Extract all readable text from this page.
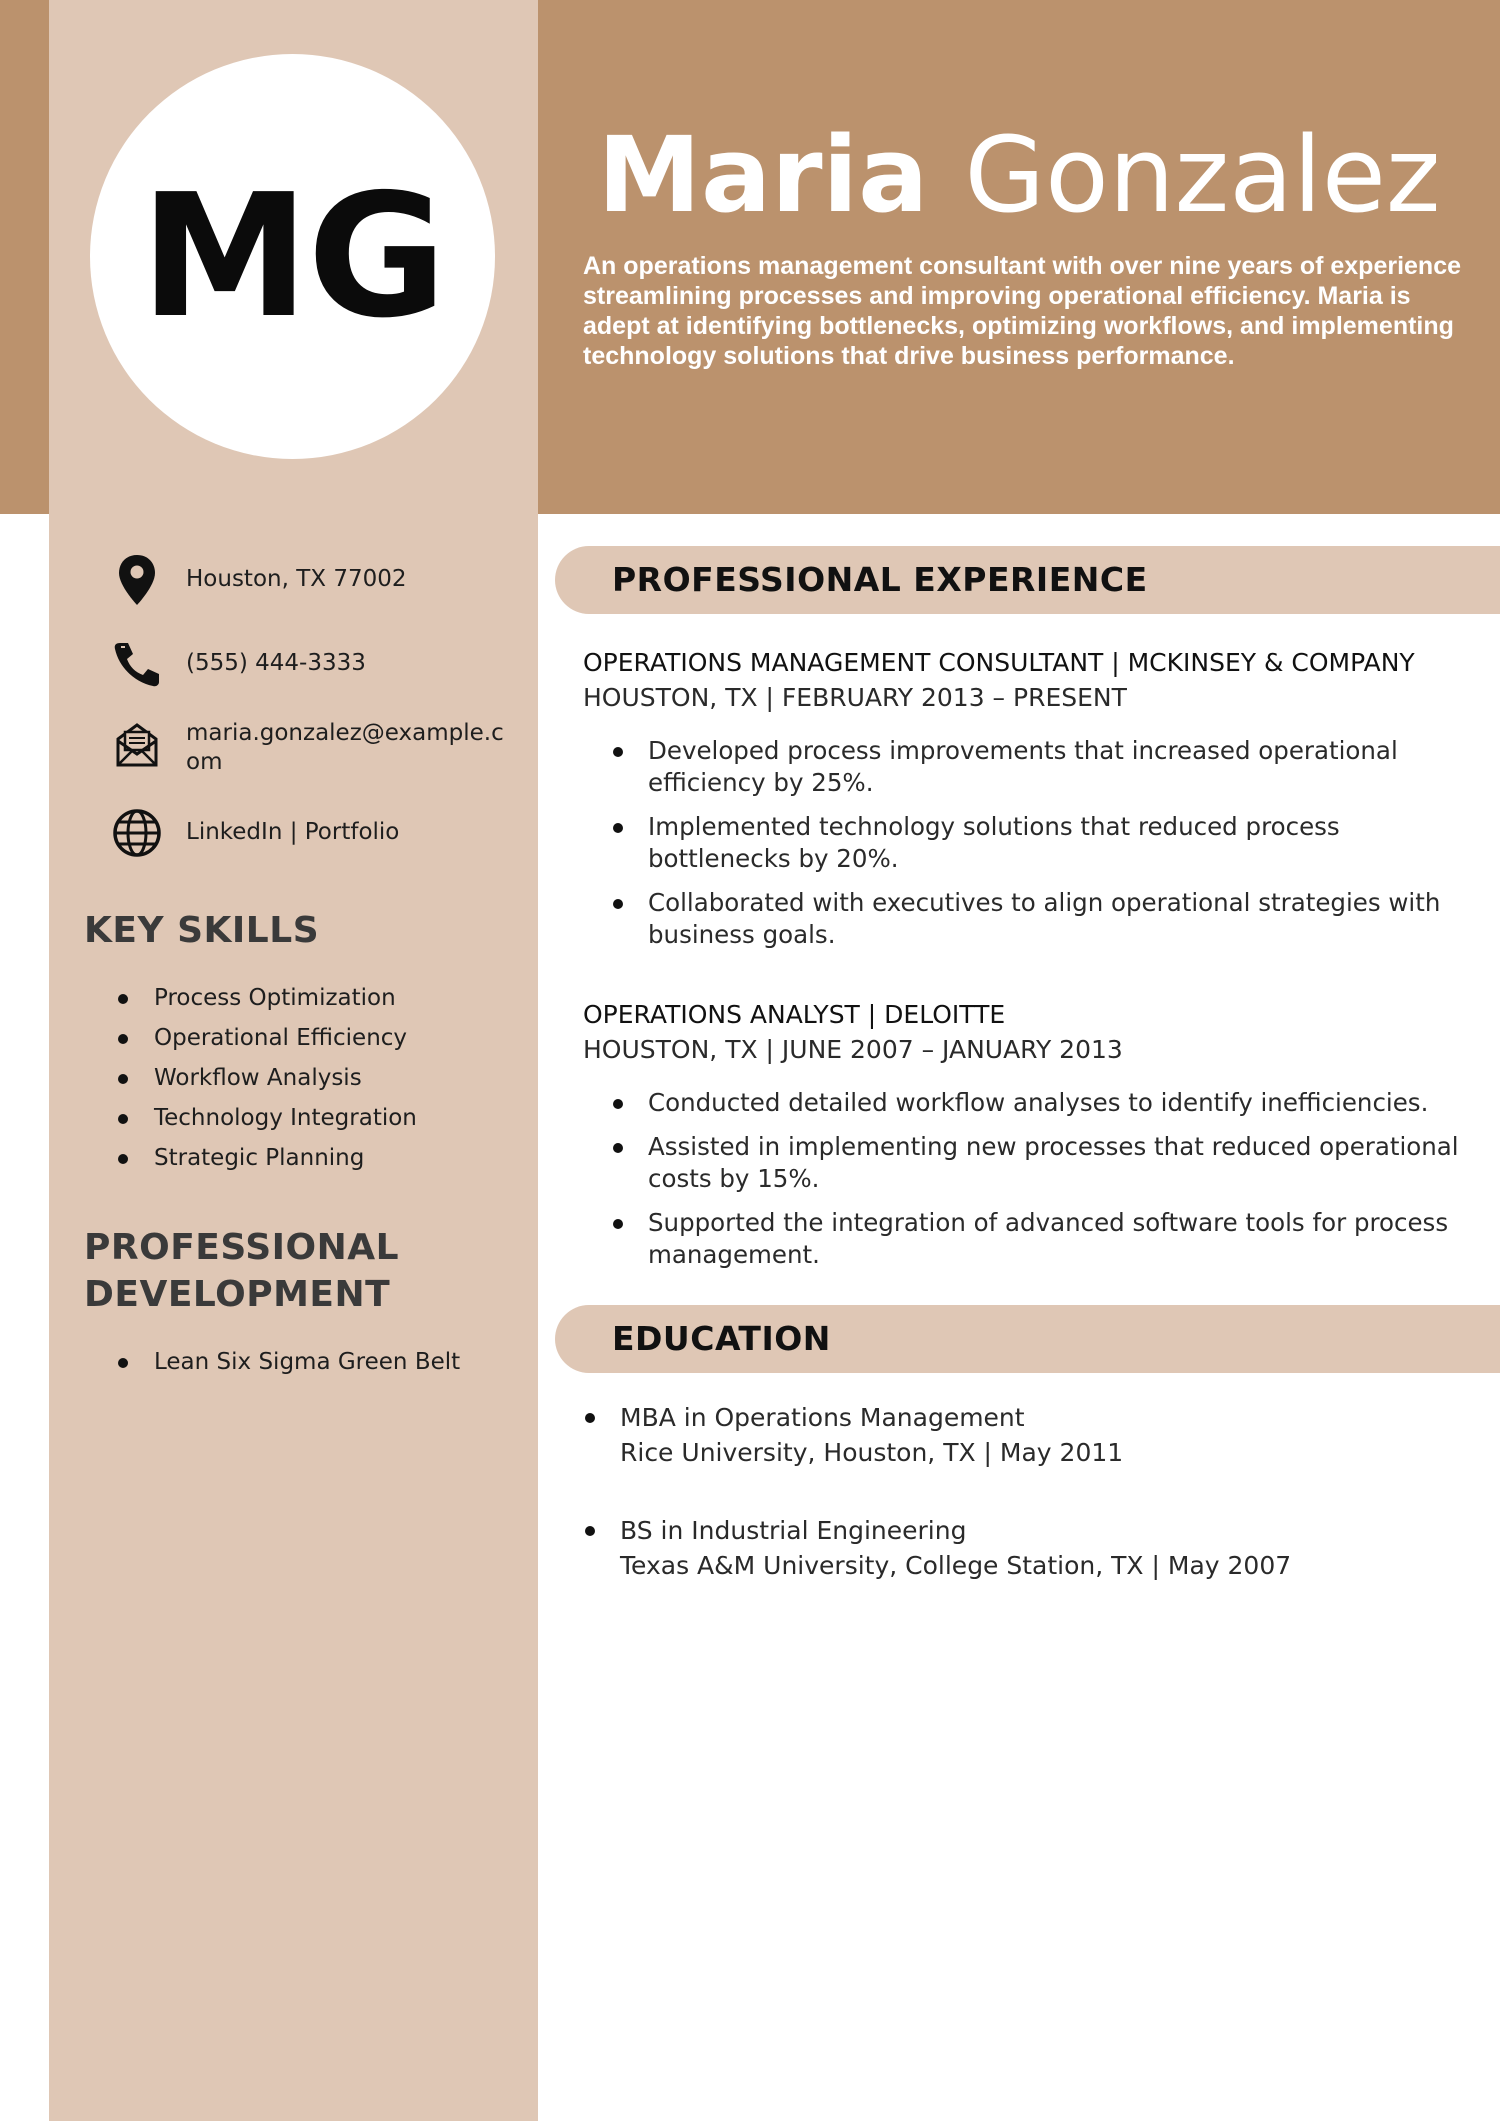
MG	Maria Gonzalez

An operations management consultant with over nine years of experience streamlining processes and improving operational efficiency. Maria is adept at identifying bottlenecks, optimizing workflows, and implementing technology solutions that drive business performance.

Houston, TX 77002
(555) 444-3333
maria.gonzalez@example.com
LinkedIn | Portfolio
KEY SKILLS
Process Optimization
Operational Efficiency
Workflow Analysis
Technology Integration
Strategic Planning
PROFESSIONAL
DEVELOPMENT
Lean Six Sigma Green Belt
PROFESSIONAL EXPERIENCE

OPERATIONS MANAGEMENT CONSULTANT | MCKINSEY & COMPANY

HOUSTON, TX | FEBRUARY 2013 – PRESENT

Developed process improvements that increased operational efficiency by 25%.
Implemented technology solutions that reduced process bottlenecks by 20%.
Collaborated with executives to align operational strategies with business goals.

OPERATIONS ANALYST | DELOITTE

HOUSTON, TX | JUNE 2007 – JANUARY 2013

Conducted detailed workflow analyses to identify inefficiencies.
Assisted in implementing new processes that reduced operational costs by 15%.
Supported the integration of advanced software tools for process management.
EDUCATION

MBA in Operations Management

Rice University, Houston, TX | May 2011

BS in Industrial Engineering

Texas A&M University, College Station, TX | May 2007
